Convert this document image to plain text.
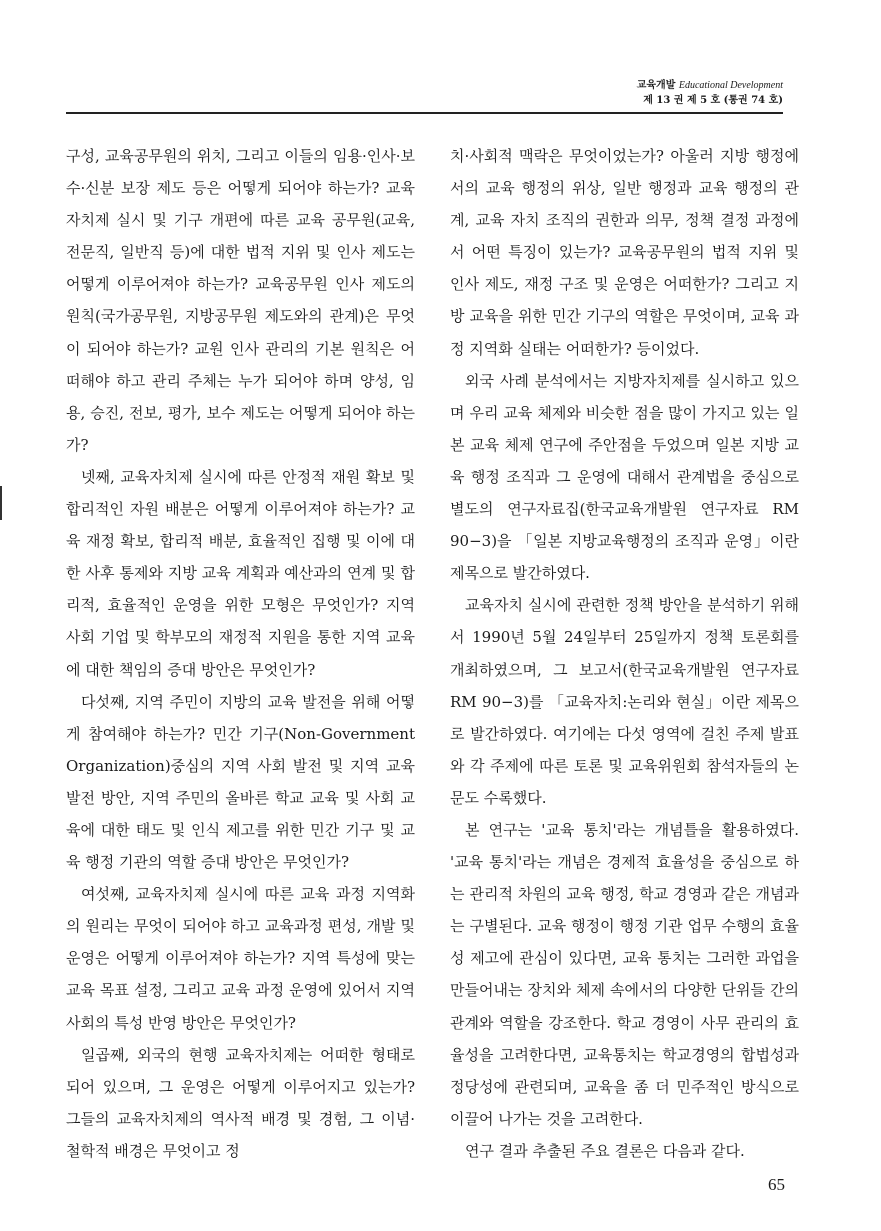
교육개발 Educational Development
제 13 권 제 5 호 (통권 74 호)

구성, 교육공무원의 위치, 그리고 이들의 임용·인사·보수·신분 보장 제도 등은 어떻게 되어야 하는가? 교육자치제 실시 및 기구 개편에 따른 교육 공무원(교육, 전문직, 일반직 등)에 대한 법적 지위 및 인사 제도는 어떻게 이루어져야 하는가? 교육공무원 인사 제도의 원칙(국가공무원, 지방공무원 제도와의 관계)은 무엇이 되어야 하는가? 교원 인사 관리의 기본 원칙은 어떠해야 하고 관리 주체는 누가 되어야 하며 양성, 임용, 승진, 전보, 평가, 보수 제도는 어떻게 되어야 하는가?

넷째, 교육자치제 실시에 따른 안정적 재원 확보 및 합리적인 자원 배분은 어떻게 이루어져야 하는가? 교육 재정 확보, 합리적 배분, 효율적인 집행 및 이에 대한 사후 통제와 지방 교육 계획과 예산과의 연계 및 합리적, 효율적인 운영을 위한 모형은 무엇인가? 지역 사회 기업 및 학부모의 재정적 지원을 통한 지역 교육에 대한 책임의 증대 방안은 무엇인가?

다섯째, 지역 주민이 지방의 교육 발전을 위해 어떻게 참여해야 하는가? 민간 기구(Non-Government Organization)중심의 지역 사회 발전 및 지역 교육 발전 방안, 지역 주민의 올바른 학교 교육 및 사회 교육에 대한 태도 및 인식 제고를 위한 민간 기구 및 교육 행정 기관의 역할 증대 방안은 무엇인가?

여섯째, 교육자치제 실시에 따른 교육 과정 지역화의 원리는 무엇이 되어야 하고 교육과정 편성, 개발 및 운영은 어떻게 이루어져야 하는가? 지역 특성에 맞는 교육 목표 설정, 그리고 교육 과정 운영에 있어서 지역 사회의 특성 반영 방안은 무엇인가?

일곱째, 외국의 현행 교육자치제는 어떠한 형태로 되어 있으며, 그 운영은 어떻게 이루어지고 있는가? 그들의 교육자치제의 역사적 배경 및 경험, 그 이념· 철학적 배경은 무엇이고 정

치·사회적 맥락은 무엇이었는가? 아울러 지방 행정에서의 교육 행정의 위상, 일반 행정과 교육 행정의 관계, 교육 자치 조직의 권한과 의무, 정책 결정 과정에서 어떤 특징이 있는가? 교육공무원의 법적 지위 및 인사 제도, 재정 구조 및 운영은 어떠한가? 그리고 지방 교육을 위한 민간 기구의 역할은 무엇이며, 교육 과정 지역화 실태는 어떠한가? 등이었다.

외국 사례 분석에서는 지방자치제를 실시하고 있으며 우리 교육 체제와 비슷한 점을 많이 가지고 있는 일본 교육 체제 연구에 주안점을 두었으며 일본 지방 교육 행정 조직과 그 운영에 대해서 관계법을 중심으로 별도의 연구자료집(한국교육개발원 연구자료 RM 90−3)을 「일본 지방교육행정의 조직과 운영」이란 제목으로 발간하였다.

교육자치 실시에 관련한 정책 방안을 분석하기 위해서 1990년 5월 24일부터 25일까지 정책 토론회를 개최하였으며, 그 보고서(한국교육개발원 연구자료 RM 90−3)를 「교육자치:논리와 현실」이란 제목으로 발간하였다. 여기에는 다섯 영역에 걸친 주제 발표와 각 주제에 따른 토론 및 교육위원회 참석자들의 논문도 수록했다.

본 연구는 '교육 통치'라는 개념틀을 활용하였다. '교육 통치'라는 개념은 경제적 효율성을 중심으로 하는 관리적 차원의 교육 행정, 학교 경영과 같은 개념과는 구별된다. 교육 행정이 행정 기관 업무 수행의 효율성 제고에 관심이 있다면, 교육 통치는 그러한 과업을 만들어내는 장치와 체제 속에서의 다양한 단위들 간의 관계와 역할을 강조한다. 학교 경영이 사무 관리의 효율성을 고려한다면, 교육통치는 학교경영의 합법성과 정당성에 관련되며, 교육을 좀 더 민주적인 방식으로 이끌어 나가는 것을 고려한다.

연구 결과 추출된 주요 결론은 다음과 같다.

65
